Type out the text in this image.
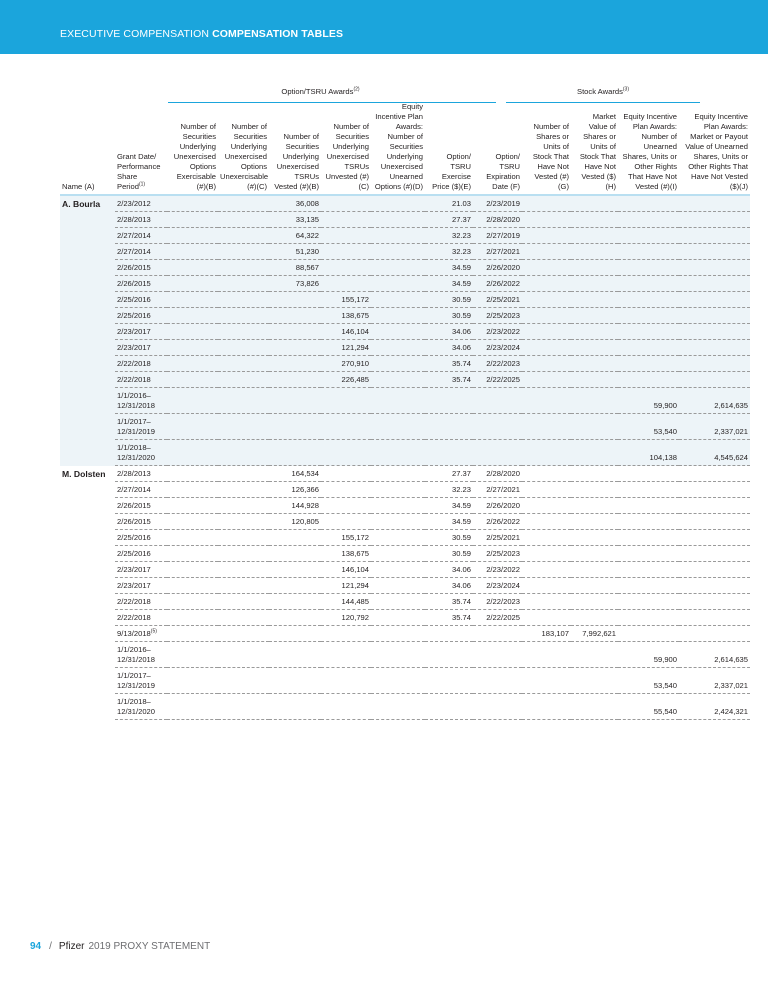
EXECUTIVE COMPENSATION COMPENSATION TABLES
Option/TSRU Awards$^{(2)}$	Stock Awards$^{(3)}$
Name (A)	Grant Date/ Performance Share Period$^{(1)}$	Number of Securities Underlying Unexercised Options Exercisable (#)(B)	Number of Securities Underlying Unexercised Options Unexercisable (#)(C)	Number of Securities Underlying Unexercised TSRUs Vested (#)(B)	Number of Securities Underlying Unexercised TSRUs Unvested (#)(C)	Equity Incentive Plan Awards: Number of Securities Underlying Unexercised Unearned Options (#)(D)	Option/ TSRU Exercise Price ($)(E)	Option/ TSRU Expiration Date (F)	Number of Shares or Units of Stock That Have Not Vested (#)(G)	Market Value of Shares or Units of Stock That Have Not Vested ($)(H)	Equity Incentive Plan Awards: Number of Unearned Shares, Units or Other Rights That Have Not Vested (#)(I)	Equity Incentive Plan Awards: Market or Payout Value of Unearned Shares, Units or Other Rights That Have Not Vested ($)(J)
A. Bourla	2/23/2012			36,008			21.03	2/23/2019				
	2/28/2013			33,135			27.37	2/28/2020				
	2/27/2014			64,322			32.23	2/27/2019				
	2/27/2014			51,230			32.23	2/27/2021				
	2/26/2015			88,567			34.59	2/26/2020				
	2/26/2015			73,826			34.59	2/26/2022				
	2/25/2016				155,172		30.59	2/25/2021				
	2/25/2016				138,675		30.59	2/25/2023				
	2/23/2017				146,104		34.06	2/23/2022				
	2/23/2017				121,294		34.06	2/23/2024				
	2/22/2018				270,910		35.74	2/22/2023				
	2/22/2018				226,485		35.74	2/22/2025				
	1/1/2016– 12/31/2018										59,900	2,614,635
	1/1/2017– 12/31/2019										53,540	2,337,021
	1/1/2018– 12/31/2020										104,138	4,545,624
M. Dolsten	2/28/2013			164,534			27.37	2/28/2020				
	2/27/2014			126,366			32.23	2/27/2021				
	2/26/2015			144,928			34.59	2/26/2020				
	2/26/2015			120,805			34.59	2/26/2022				
	2/25/2016				155,172		30.59	2/25/2021				
	2/25/2016				138,675		30.59	2/25/2023				
	2/23/2017				146,104		34.06	2/23/2022				
	2/23/2017				121,294		34.06	2/23/2024				
	2/22/2018				144,485		35.74	2/22/2023				
	2/22/2018				120,792		35.74	2/22/2025				
	9/13/2018$^{(5)}$								183,107	7,992,621		
	1/1/2016– 12/31/2018										59,900	2,614,635
	1/1/2017– 12/31/2019										53,540	2,337,021
	1/1/2018– 12/31/2020										55,540	2,424,321
94 / Pfizer 2019 PROXY STATEMENT
